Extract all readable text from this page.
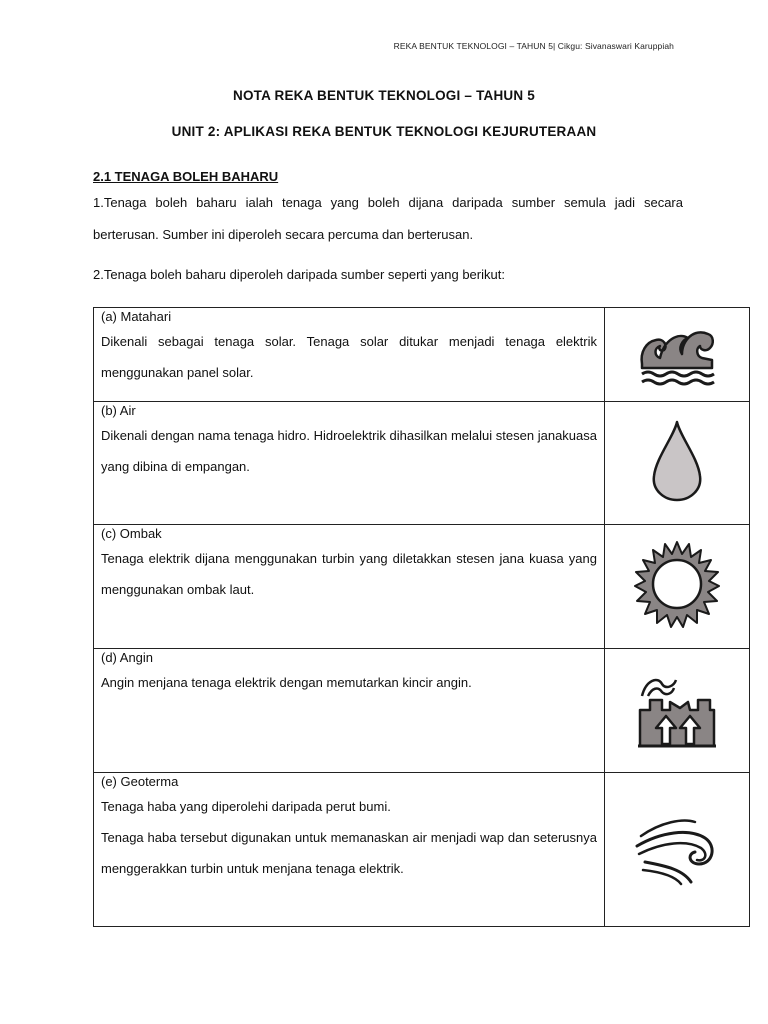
REKA BENTUK TEKNOLOGI – TAHUN 5| Cikgu: Sivanaswari Karuppiah
NOTA REKA BENTUK TEKNOLOGI – TAHUN 5
UNIT 2: APLIKASI REKA BENTUK TEKNOLOGI KEJURUTERAAN
2.1 TENAGA BOLEH BAHARU
1.Tenaga boleh baharu ialah tenaga yang boleh dijana daripada sumber semula jadi secara berterusan. Sumber ini diperoleh secara percuma dan berterusan.
2.Tenaga boleh baharu diperoleh daripada sumber seperti yang berikut:
(a) Matahari

Dikenali sebagai tenaga solar. Tenaga solar ditukar menjadi tenaga elektrik menggunakan panel solar.

(b) Air

Dikenali dengan nama tenaga hidro. Hidroelektrik dihasilkan melalui stesen janakuasa yang dibina di empangan.

(c) Ombak

Tenaga elektrik dijana menggunakan turbin yang diletakkan stesen jana kuasa yang menggunakan ombak laut.

(d) Angin

Angin menjana tenaga elektrik dengan memutarkan kincir angin.

(e) Geoterma

Tenaga haba yang diperolehi daripada perut bumi.

Tenaga haba tersebut digunakan untuk memanaskan air menjadi wap dan seterusnya menggerakkan turbin untuk menjana tenaga elektrik.
